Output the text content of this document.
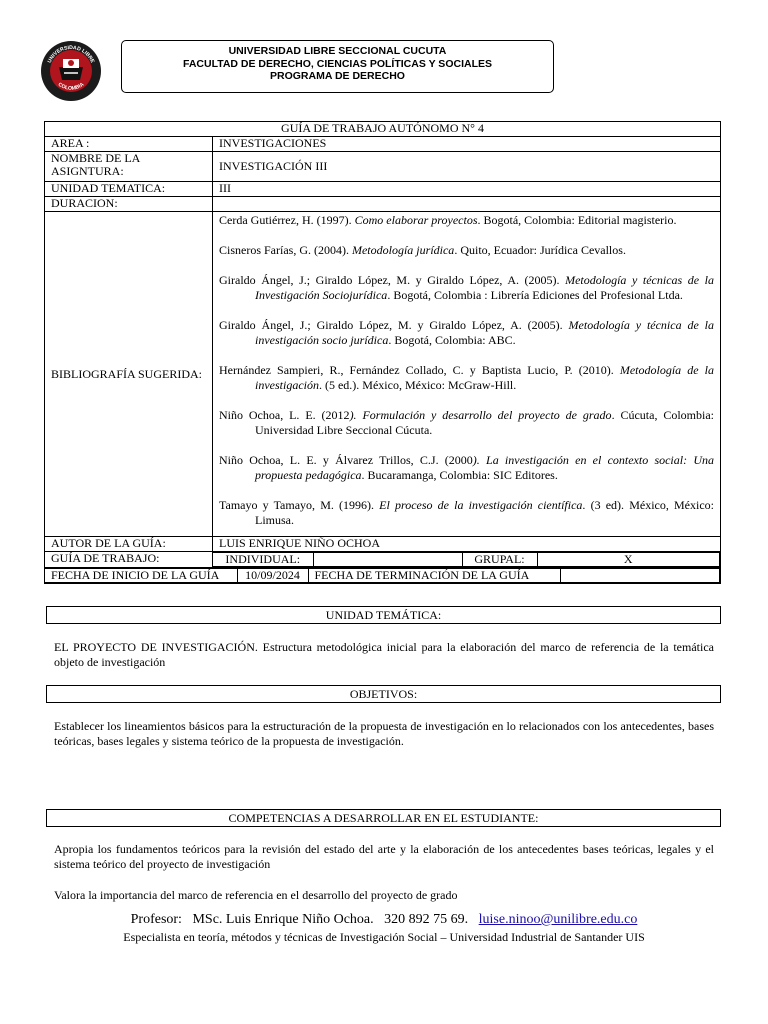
UNIVERSIDAD LIBRE
COLOMBIA
UNIVERSIDAD LIBRE SECCIONAL CUCUTA
FACULTAD DE DERECHO, CIENCIAS POLÍTICAS Y SOCIALES
PROGRAMA DE DERECHO
GUÍA DE TRABAJO AUTÓNOMO N° 4
AREA :	INVESTIGACIONES
NOMBRE DE LA ASIGNTURA:	INVESTIGACIÓN III
UNIDAD TEMATICA:	III
DURACION:	
BIBLIOGRAFÍA SUGERIDA:	

Cerda Gutiérrez, H. (1997). Como elaborar proyectos. Bogotá, Colombia: Editorial magisterio.

Cisneros Farías, G. (2004). Metodología jurídica. Quito, Ecuador: Jurídica Cevallos.

Giraldo Ángel, J.; Giraldo López, M. y Giraldo López, A. (2005). Metodología y técnicas de la Investigación Sociojurídica. Bogotá, Colombia : Librería Ediciones del Profesional Ltda.

Giraldo Ángel, J.; Giraldo López, M. y Giraldo López, A. (2005). Metodología y técnica de la investigación socio jurídica. Bogotá, Colombia: ABC.

Hernández Sampieri, R., Fernández Collado, C. y Baptista Lucio, P. (2010). Metodología de la investigación. (5 ed.). México, México: McGraw-Hill.

Niño Ochoa, L. E. (2012). Formulación y desarrollo del proyecto de grado. Cúcuta, Colombia: Universidad Libre Seccional Cúcuta.

Niño Ochoa, L. E. y Álvarez Trillos, C.J. (2000). La investigación en el contexto social: Una propuesta pedagógica. Bucaramanga, Colombia: SIC Editores.

Tamayo y Tamayo, M. (1996). El proceso de la investigación científica. (3 ed). México, México: Limusa.

AUTOR DE LA GUÍA:	LUIS ENRIQUE NIÑO OCHOA
GUÍA DE TRABAJO:		INDIVIDUAL:		GRUPAL:	X

FECHA DE INICIO DE LA GUÍA	10/09/2024	FECHA DE TERMINACIÓN DE LA GUÍA	
UNIDAD TEMÁTICA:
EL PROYECTO DE INVESTIGACIÓN. Estructura metodológica inicial para la elaboración del marco de referencia de la temática objeto de investigación
OBJETIVOS:
Establecer los lineamientos básicos para la estructuración de la propuesta de investigación en lo relacionados con los antecedentes, bases teóricas, bases legales y sistema teórico de la propuesta de investigación.
COMPETENCIAS A DESARROLLAR EN EL ESTUDIANTE:
Apropia los fundamentos teóricos para la revisión del estado del arte y la elaboración de los antecedentes bases teóricas, legales y el sistema teórico del proyecto de investigación
Valora la importancia del marco de referencia en el desarrollo del proyecto de grado
Profesor: MSc. Luis Enrique Niño Ochoa.   320 892 75 69. luise.ninoo@unilibre.edu.co
Especialista en teoría, métodos y técnicas de Investigación Social – Universidad Industrial de Santander UIS
